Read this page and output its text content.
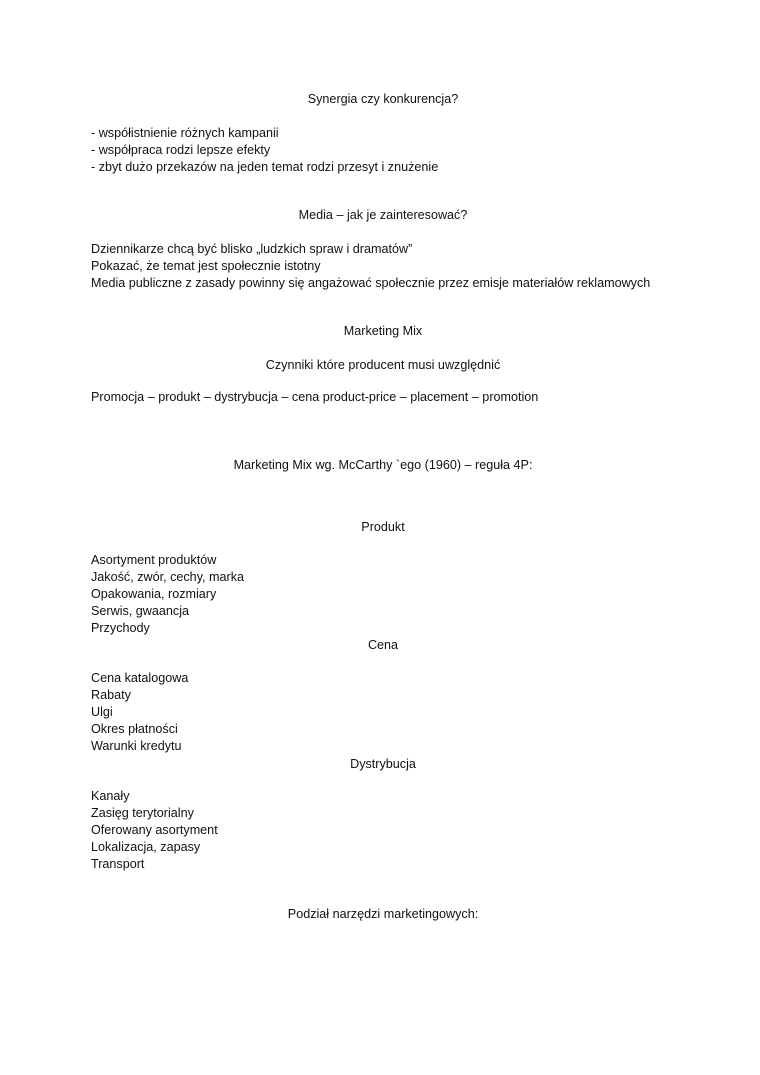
Synergia czy konkurencja?
- współistnienie różnych kampanii
- współpraca rodzi lepsze efekty
- zbyt dużo przekazów na jeden temat rodzi przesyt i znużenie
Media – jak je zainteresować?
Dziennikarze chcą być blisko „ludzkich spraw i dramatów”
Pokazać, że temat jest społecznie istotny
Media publiczne z zasady powinny się angażować społecznie przez emisje materiałów reklamowych
Marketing Mix
Czynniki które producent musi uwzględnić
Promocja – produkt – dystrybucja – cena product-price – placement – promotion
Marketing Mix wg. McCarthy `ego (1960) – reguła 4P:
Produkt
Asortyment produktów
Jakość, zwór, cechy, marka
Opakowania, rozmiary
Serwis, gwaancja
Przychody
Cena
Cena katalogowa
Rabaty
Ulgi
Okres płatności
Warunki kredytu
Dystrybucja
Kanały
Zasięg terytorialny
Oferowany asortyment
Lokalizacja, zapasy
Transport
Podział narzędzi marketingowych:
